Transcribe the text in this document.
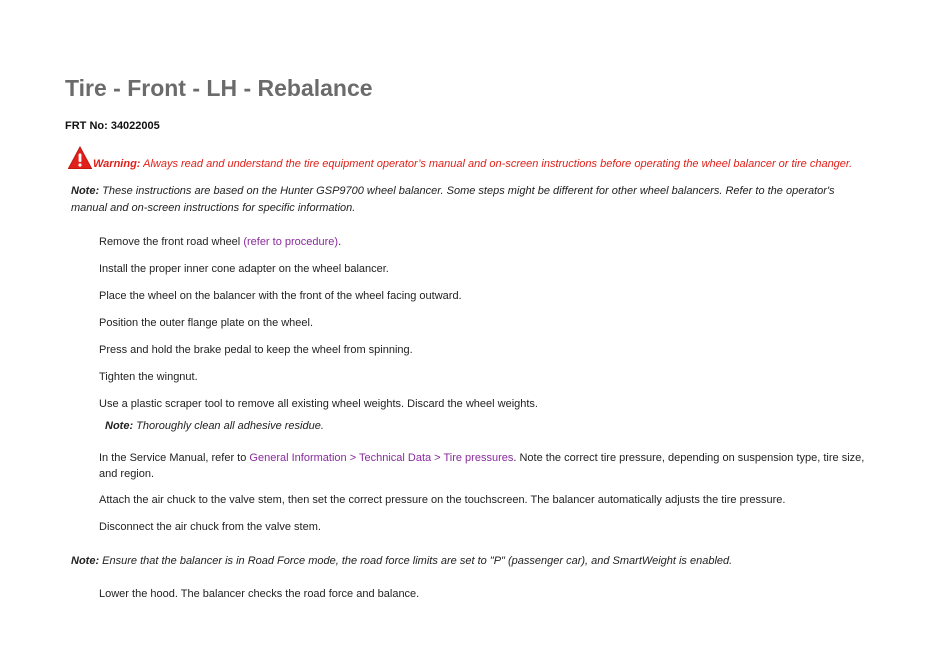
Tire - Front - LH - Rebalance
FRT No: 34022005
Warning: Always read and understand the tire equipment operator’s manual and on-screen instructions before operating the wheel balancer or tire changer.
Note: These instructions are based on the Hunter GSP9700 wheel balancer. Some steps might be different for other wheel balancers. Refer to the operator's manual and on-screen instructions for specific information.
Remove the front road wheel (refer to procedure).
Install the proper inner cone adapter on the wheel balancer.
Place the wheel on the balancer with the front of the wheel facing outward.
Position the outer flange plate on the wheel.
Press and hold the brake pedal to keep the wheel from spinning.
Tighten the wingnut.
Use a plastic scraper tool to remove all existing wheel weights. Discard the wheel weights.
In the Service Manual, refer to General Information > Technical Data > Tire pressures. Note the correct tire pressure, depending on suspension type, tire size, and region.
Attach the air chuck to the valve stem, then set the correct pressure on the touchscreen. The balancer automatically adjusts the tire pressure.
Disconnect the air chuck from the valve stem.
Lower the hood. The balancer checks the road force and balance.
Note: Thoroughly clean all adhesive residue.
Note: Ensure that the balancer is in Road Force mode, the road force limits are set to "P" (passenger car), and SmartWeight is enabled.
